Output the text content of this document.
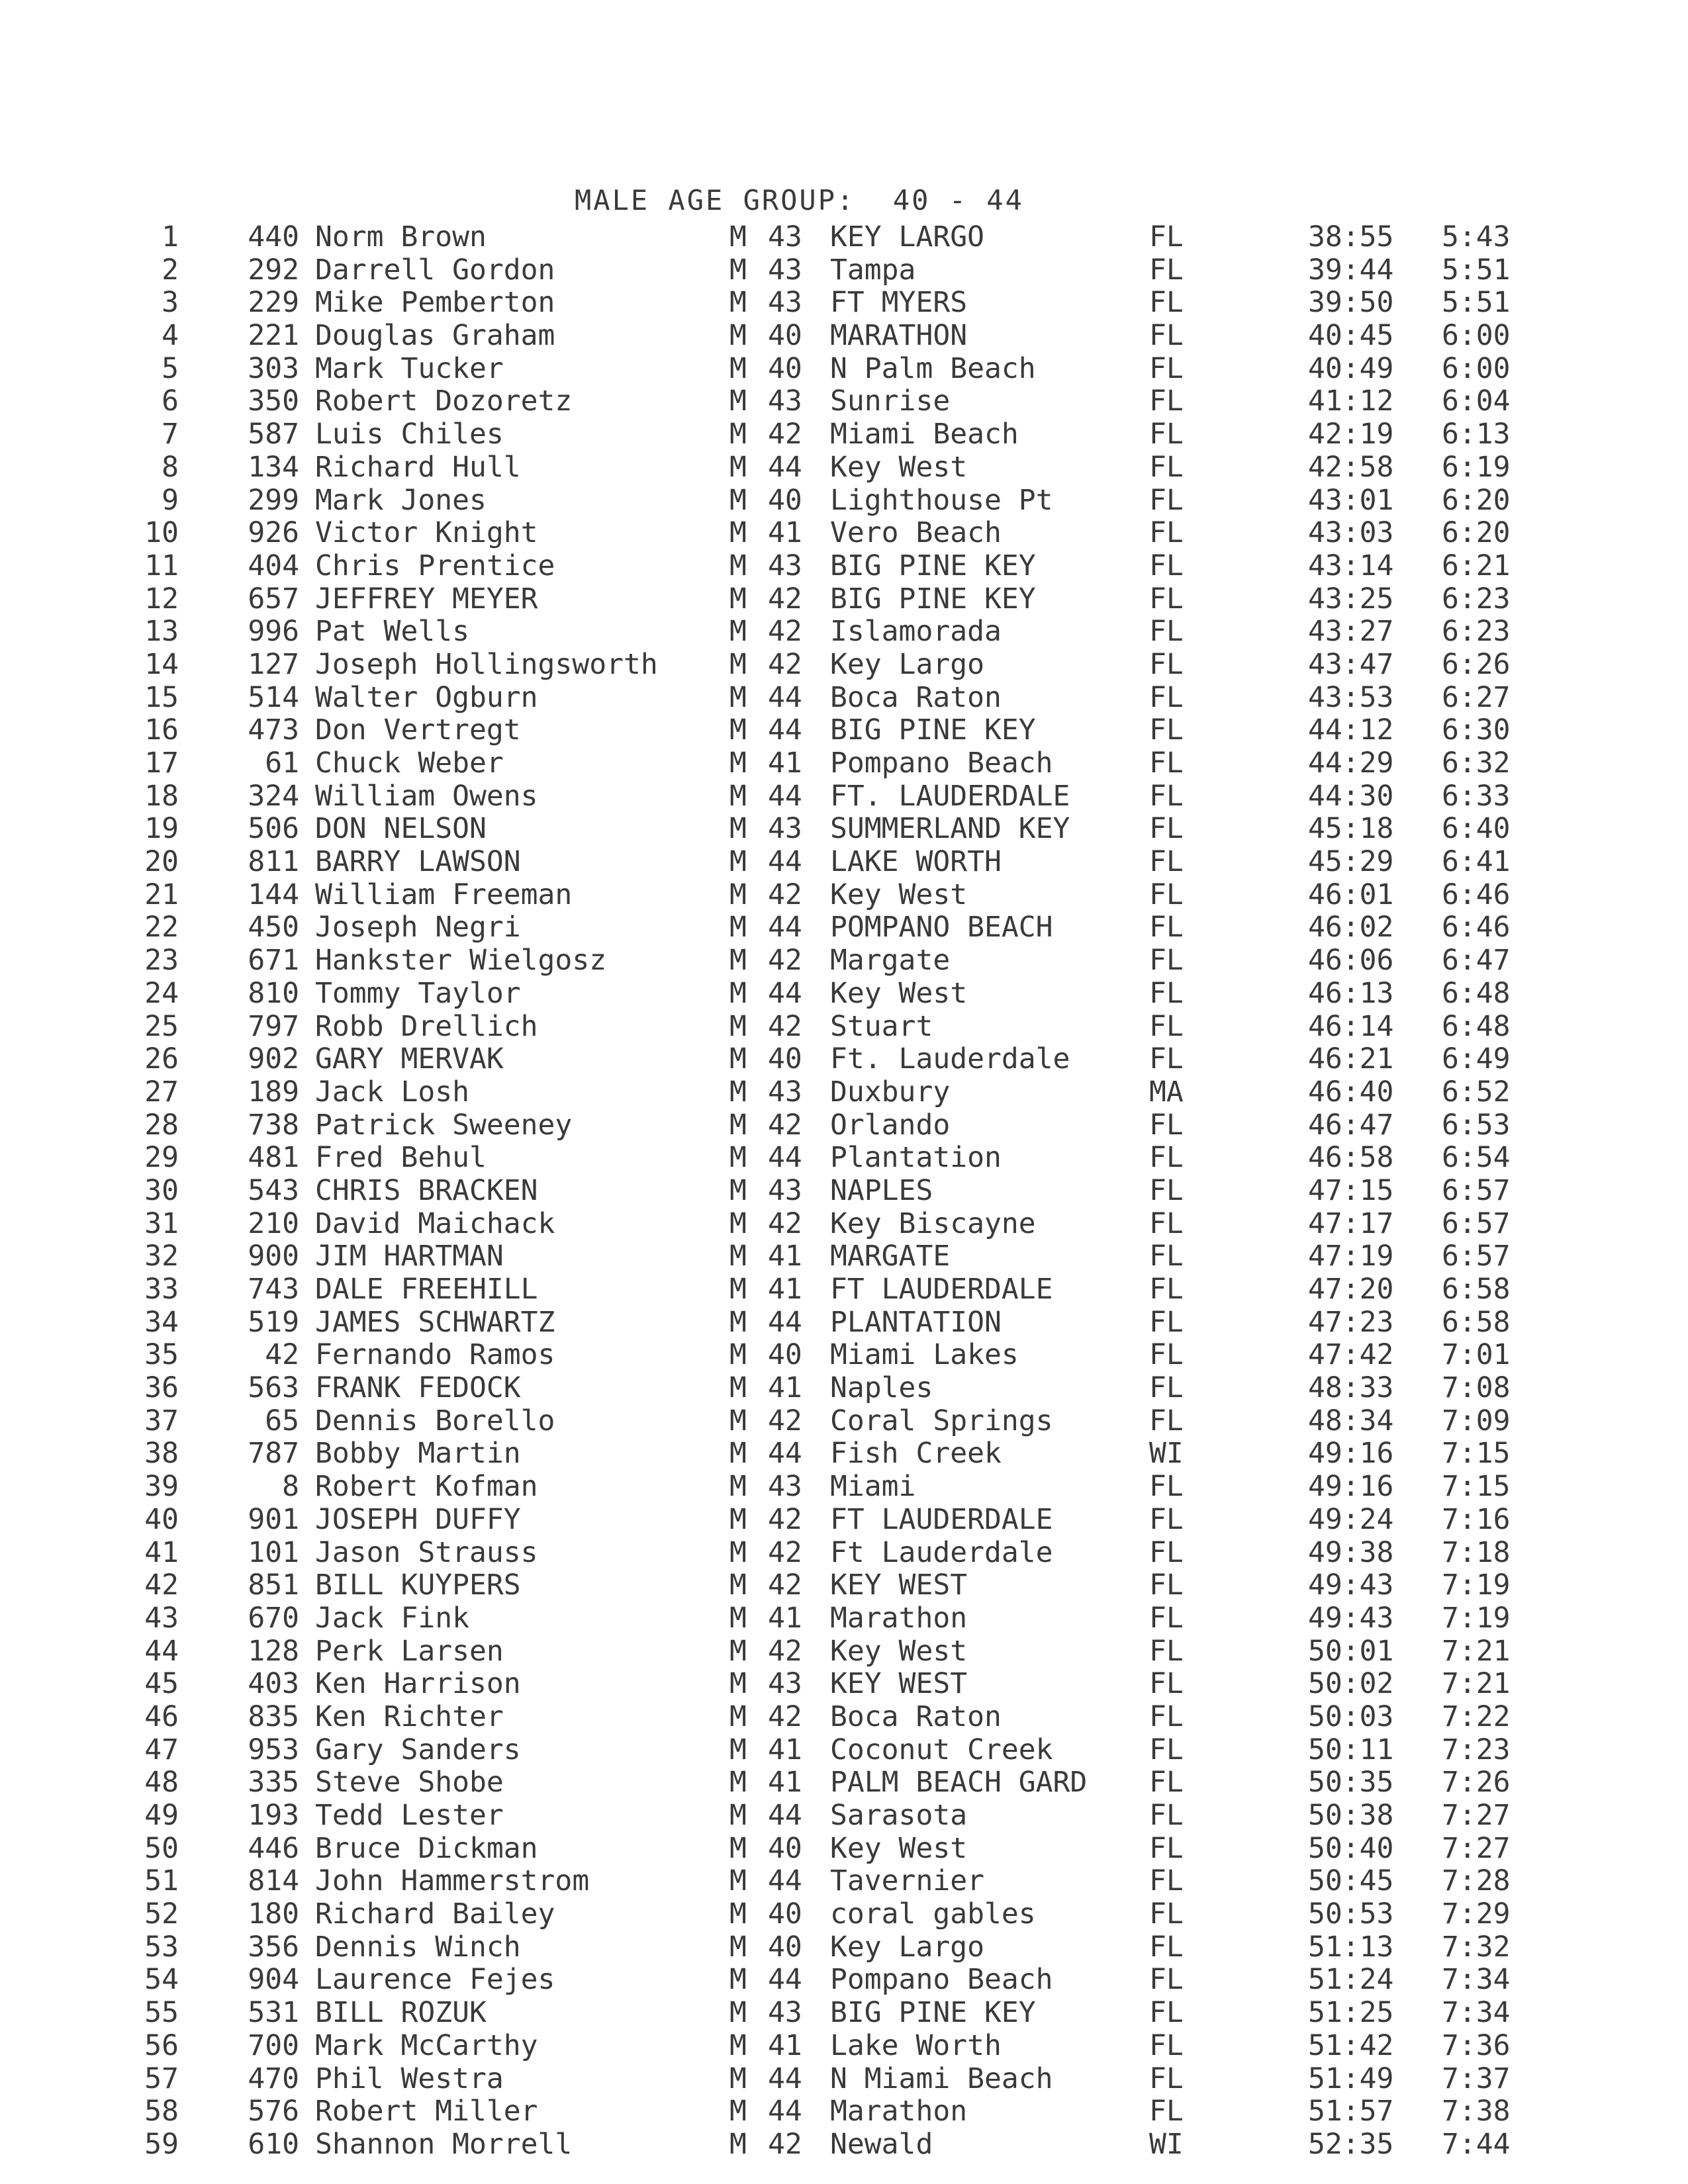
MALE AGE GROUP:  40 - 44
1	440 Norm Brown	M 43 KEY LARGO	FL	38:55 5:43
2	292 Darrell Gordon	M 43 Tampa	FL	39:44 5:51
3	229 Mike Pemberton	M 43 FT MYERS	FL	39:50 5:51
4	221 Douglas Graham	M 40 MARATHON	FL	40:45 6:00
5	303 Mark Tucker	M 40 N Palm Beach	FL	40:49 6:00
6	350 Robert Dozoretz	M 43 Sunrise	FL	41:12 6:04
7	587 Luis Chiles	M 42 Miami Beach	FL	42:19 6:13
8	134 Richard Hull	M 44 Key West	FL	42:58 6:19
9	299 Mark Jones	M 40 Lighthouse Pt	FL	43:01 6:20
10	926 Victor Knight	M 41 Vero Beach	FL	43:03 6:20
11	404 Chris Prentice	M 43 BIG PINE KEY	FL	43:14 6:21
12	657 JEFFREY MEYER	M 42 BIG PINE KEY	FL	43:25 6:23
13	996 Pat Wells	M 42 Islamorada	FL	43:27 6:23
14	127 Joseph Hollingsworth	M 42 Key Largo	FL	43:47 6:26
15	514 Walter Ogburn	M 44 Boca Raton	FL	43:53 6:27
16	473 Don Vertregt	M 44 BIG PINE KEY	FL	44:12 6:30
17	61 Chuck Weber	M 41 Pompano Beach	FL	44:29 6:32
18	324 William Owens	M 44 FT. LAUDERDALE	FL	44:30 6:33
19	506 DON NELSON	M 43 SUMMERLAND KEY	FL	45:18 6:40
20	811 BARRY LAWSON	M 44 LAKE WORTH	FL	45:29 6:41
21	144 William Freeman	M 42 Key West	FL	46:01 6:46
22	450 Joseph Negri	M 44 POMPANO BEACH	FL	46:02 6:46
23	671 Hankster Wielgosz	M 42 Margate	FL	46:06 6:47
24	810 Tommy Taylor	M 44 Key West	FL	46:13 6:48
25	797 Robb Drellich	M 42 Stuart	FL	46:14 6:48
26	902 GARY MERVAK	M 40 Ft. Lauderdale	FL	46:21 6:49
27	189 Jack Losh	M 43 Duxbury	MA	46:40 6:52
28	738 Patrick Sweeney	M 42 Orlando	FL	46:47 6:53
29	481 Fred Behul	M 44 Plantation	FL	46:58 6:54
30	543 CHRIS BRACKEN	M 43 NAPLES	FL	47:15 6:57
31	210 David Maichack	M 42 Key Biscayne	FL	47:17 6:57
32	900 JIM HARTMAN	M 41 MARGATE	FL	47:19 6:57
33	743 DALE FREEHILL	M 41 FT LAUDERDALE	FL	47:20 6:58
34	519 JAMES SCHWARTZ	M 44 PLANTATION	FL	47:23 6:58
35	42 Fernando Ramos	M 40 Miami Lakes	FL	47:42 7:01
36	563 FRANK FEDOCK	M 41 Naples	FL	48:33 7:08
37	65 Dennis Borello	M 42 Coral Springs	FL	48:34 7:09
38	787 Bobby Martin	M 44 Fish Creek	WI	49:16 7:15
39	8 Robert Kofman	M 43 Miami	FL	49:16 7:15
40	901 JOSEPH DUFFY	M 42 FT LAUDERDALE	FL	49:24 7:16
41	101 Jason Strauss	M 42 Ft Lauderdale	FL	49:38 7:18
42	851 BILL KUYPERS	M 42 KEY WEST	FL	49:43 7:19
43	670 Jack Fink	M 41 Marathon	FL	49:43 7:19
44	128 Perk Larsen	M 42 Key West	FL	50:01 7:21
45	403 Ken Harrison	M 43 KEY WEST	FL	50:02 7:21
46	835 Ken Richter	M 42 Boca Raton	FL	50:03 7:22
47	953 Gary Sanders	M 41 Coconut Creek	FL	50:11 7:23
48	335 Steve Shobe	M 41 PALM BEACH GARD FL	50:35 7:26
49	193 Tedd Lester	M 44 Sarasota	FL	50:38 7:27
50	446 Bruce Dickman	M 40 Key West	FL	50:40 7:27
51	814 John Hammerstrom	M 44 Tavernier	FL	50:45 7:28
52	180 Richard Bailey	M 40 coral gables	FL	50:53 7:29
53	356 Dennis Winch	M 40 Key Largo	FL	51:13 7:32
54	904 Laurence Fejes	M 44 Pompano Beach	FL	51:24 7:34
55	531 BILL ROZUK	M 43 BIG PINE KEY	FL	51:25 7:34
56	700 Mark McCarthy	M 41 Lake Worth	FL	51:42 7:36
57	470 Phil Westra	M 44 N Miami Beach	FL	51:49 7:37
58	576 Robert Miller	M 44 Marathon	FL	51:57 7:38
59	610 Shannon Morrell	M 42 Newald	WI	52:35 7:44
